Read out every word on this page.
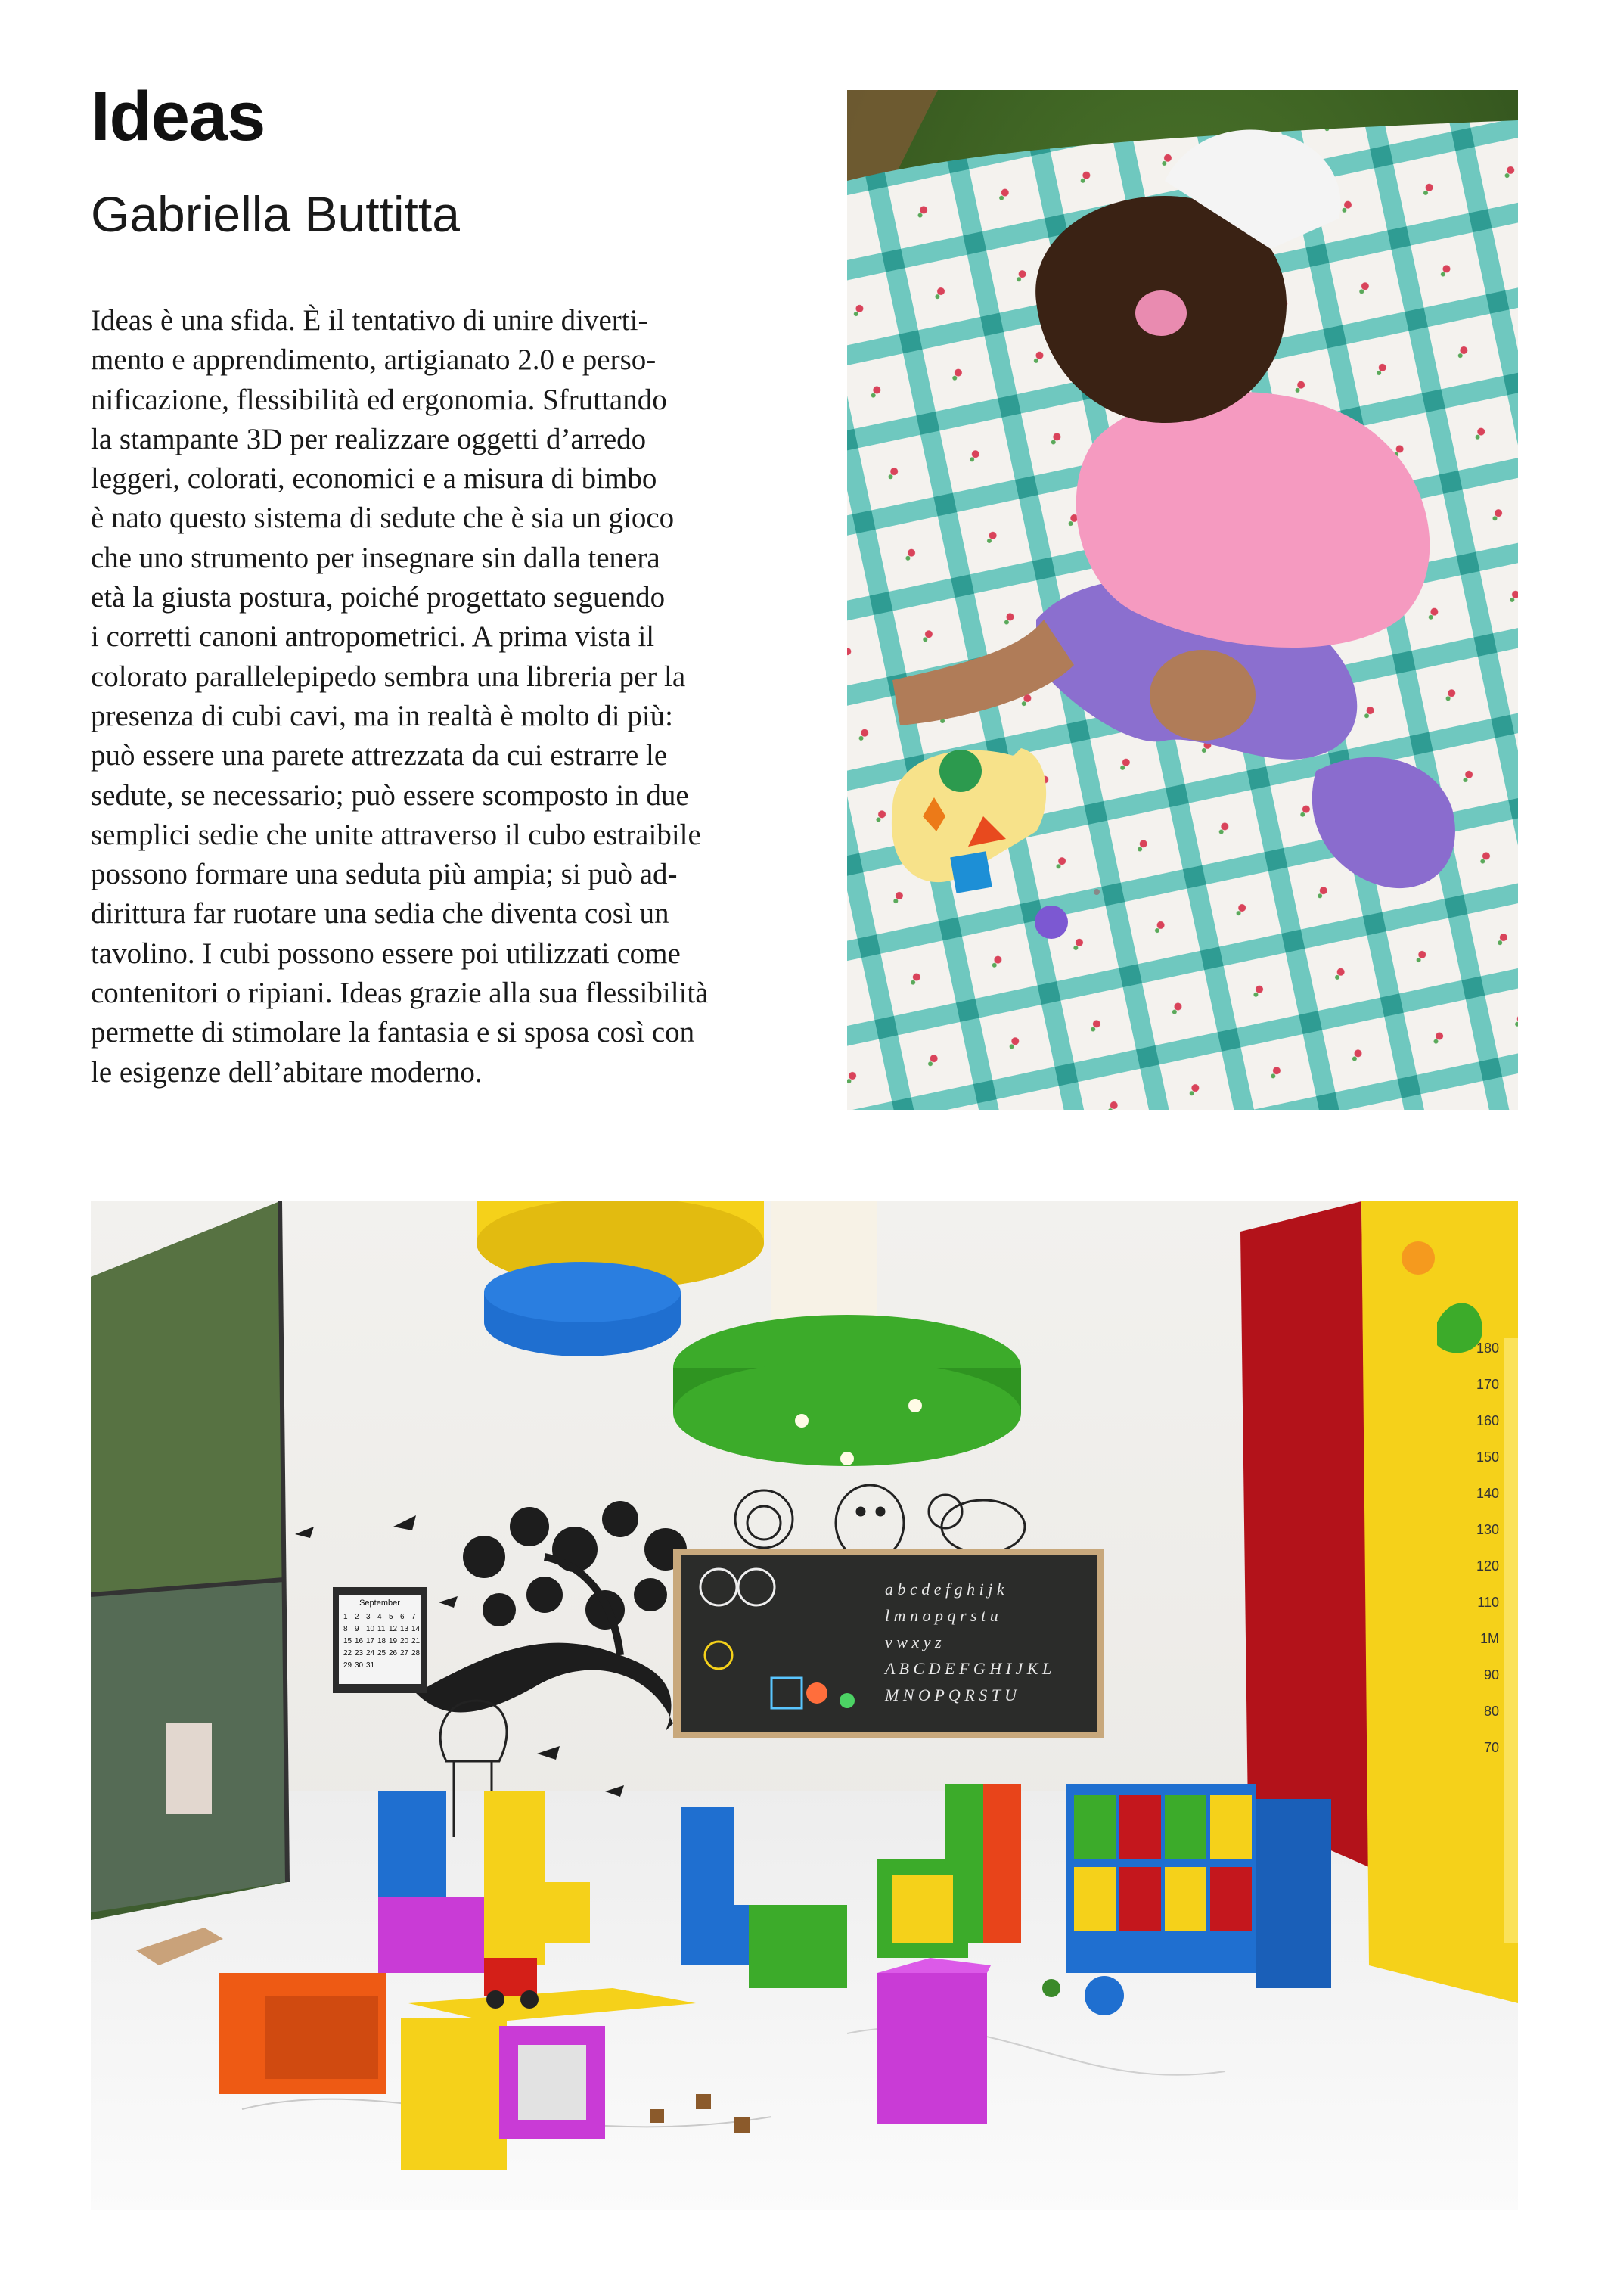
Ideas
Gabriella Buttitta
Ideas è una sfida. È il tentativo di unire diverti-
mento e apprendimento, artigianato 2.0 e perso-
nificazione, flessibilità ed ergonomia. Sfruttando
la stampante 3D per realizzare oggetti d’arredo
leggeri, colorati, economici e a misura di bimbo
è nato questo sistema di sedute che è sia un gioco
che uno strumento per insegnare sin dalla tenera
età la giusta postura, poiché progettato seguendo
i corretti canoni antropometrici. A prima vista il
colorato parallelepipedo sembra una libreria per la
presenza di cubi cavi, ma in realtà è molto di più:
può essere una parete attrezzata da cui estrarre le
sedute, se necessario; può essere scomposto in due
semplici sedie che unite attraverso il cubo estraibile
possono formare una seduta più ampia; si può ad-
dirittura far ruotare una sedia che diventa così un
tavolino. I cubi possono essere poi utilizzati come
contenitori o ripiani. Ideas grazie alla sua flessibilità
permette di stimolare la fantasia e si sposa così con
le esigenze dell’abitare moderno.
September
1 2 3 4 5 6 7
8 9 10 11 12 13 14
15 16 17 18 19 20 21
22 23 24 25 26 27 28
29 30 31
a b c d e f g h i j k
l m n o p q r s t u
v w x y z
A B C D E F G H I J K L
M N O P Q R S T U
180
170
160
150
140
130
120
110
1M
90
80
70
